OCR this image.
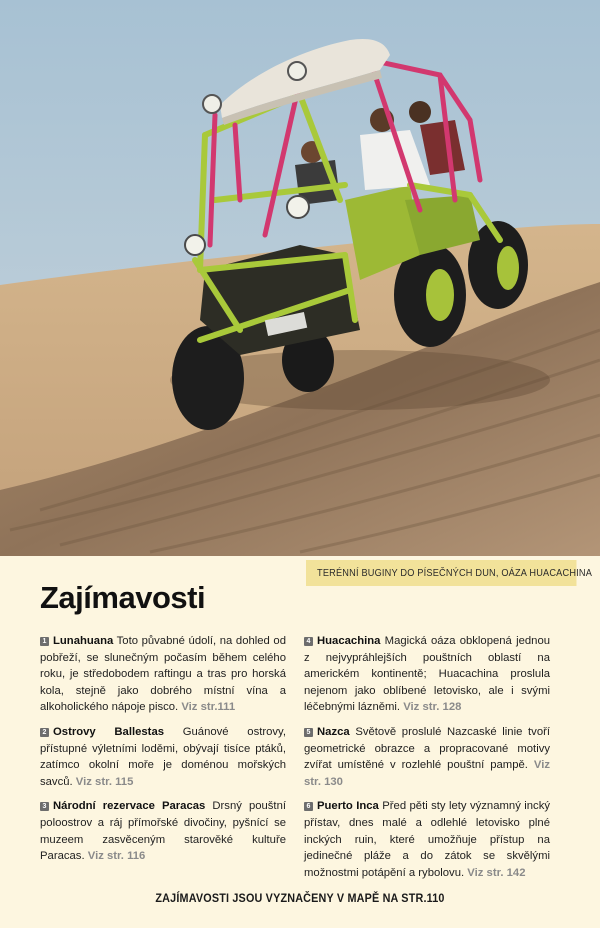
TERÉNNÍ BUGINY DO PÍSEČNÝCH DUN, OÁZA HUACACHINA
Zajímavosti

1 Lunahuana Toto půvabné údolí, na dohled od pobřeží, se slunečným počasím během celého roku, je středobodem raftingu a tras pro horská kola, stejně jako dobrého místní vína a alkoholického nápoje pisco. Viz str.111

2 Ostrovy Ballestas Guánové ostrovy, přístupné výletními loděmi, obývají tisíce ptáků, zatímco okolní moře je doménou mořských savců. Viz str. 115

3 Národní rezervace Paracas Drsný pouštní poloostrov a ráj přímořské divočiny, pyšnící se muzeem zasvěceným starověké kultuře Paracas. Viz str. 116

4 Huacachina Magická oáza obklopená jednou z nejvypráhlejších pouštních oblastí na americkém kontinentě; Huacachina proslula nejenom jako oblíbené letovisko, ale i svými léčebnými lázněmi. Viz str. 128

5 Nazca Světově proslulé Nazcaské linie tvoří geometrické obrazce a propracované motivy zvířat umístěné v rozlehlé pouštní pampě. Viz str. 130

6 Puerto Inca Před pěti sty lety významný incký přístav, dnes malé a odlehlé letovisko plné inckých ruin, které umožňuje přístup na jedinečné pláže a do zátok se skvělými možnostmi potápění a rybolovu. Viz str. 142

ZAJÍMAVOSTI JSOU VYZNAČENY V MAPĚ NA STR.110
